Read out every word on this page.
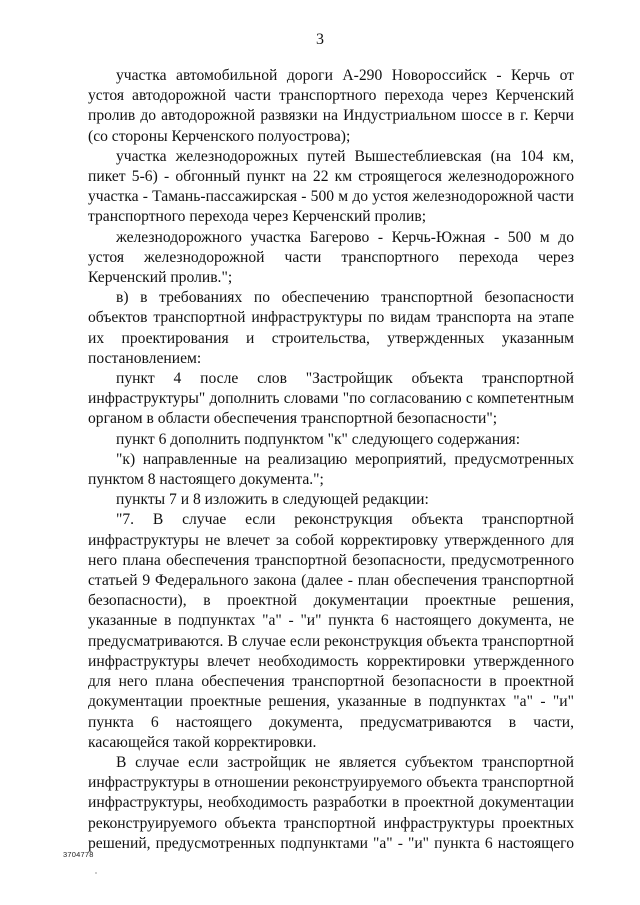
3

участка автомобильной дороги А-290 Новороссийск - Керчь от устоя автодорожной части транспортного перехода через Керченский пролив до автодорожной развязки на Индустриальном шоссе в г. Керчи (со стороны Керченского полуострова);

участка железнодорожных путей Вышестеблиевская (на 104 км, пикет 5-6) - обгонный пункт на 22 км строящегося железнодорожного участка - Тамань-пассажирская - 500 м до устоя железнодорожной части транспортного перехода через Керченский пролив;

железнодорожного участка Багерово - Керчь-Южная - 500 м до устоя железнодорожной части транспортного перехода через Керченский пролив.";

в) в требованиях по обеспечению транспортной безопасности объектов транспортной инфраструктуры по видам транспорта на этапе их проектирования и строительства, утвержденных указанным постановлением:

пункт 4 после слов "Застройщик объекта транспортной инфраструктуры" дополнить словами "по согласованию с компетентным органом в области обеспечения транспортной безопасности";

пункт 6 дополнить подпунктом "к" следующего содержания:

"к) направленные на реализацию мероприятий, предусмотренных пунктом 8 настоящего документа.";

пункты 7 и 8 изложить в следующей редакции:

"7. В случае если реконструкция объекта транспортной инфраструктуры не влечет за собой корректировку утвержденного для него плана обеспечения транспортной безопасности, предусмотренного статьей 9 Федерального закона (далее - план обеспечения транспортной безопасности), в проектной документации проектные решения, указанные в подпунктах "а" - "и" пункта 6 настоящего документа, не предусматриваются. В случае если реконструкция объекта транспортной инфраструктуры влечет необходимость корректировки утвержденного для него плана обеспечения транспортной безопасности в проектной документации проектные решения, указанные в подпунктах "а" - "и" пункта 6 настоящего документа, предусматриваются в части, касающейся такой корректировки.

В случае если застройщик не является субъектом транспортной инфраструктуры в отношении реконструируемого объекта транспортной инфраструктуры, необходимость разработки в проектной документации реконструируемого объекта транспортной инфраструктуры проектных решений, предусмотренных подпунктами "а" - "и" пункта 6 настоящего

3704778
